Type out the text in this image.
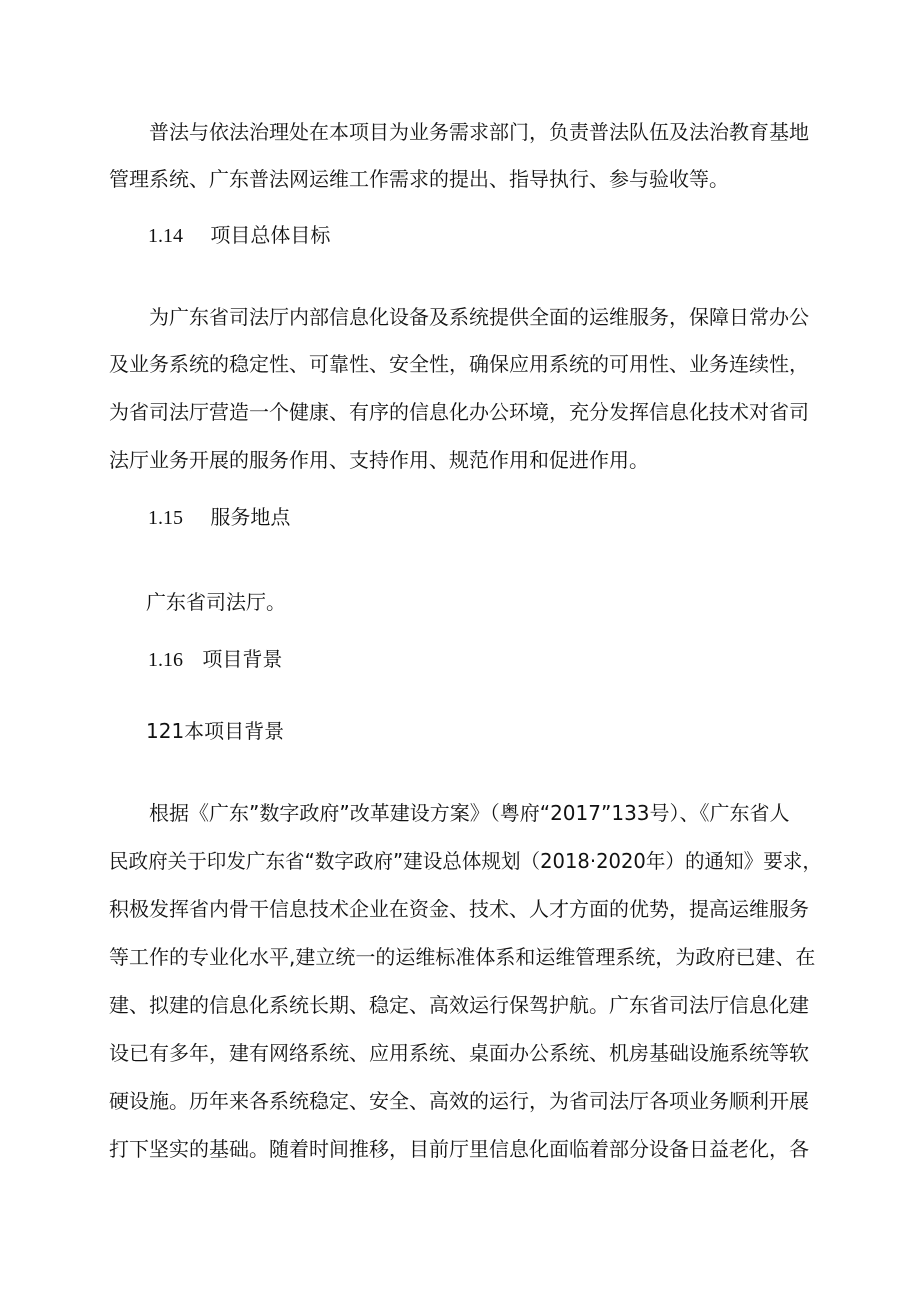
普法与依法治理处在本项目为业务需求部门，负责普法队伍及法治教育基地
管理系统、广东普法网运维工作需求的提出、指导执行、参与验收等。
1.14 项目总体目标
为广东省司法厅内部信息化设备及系统提供全面的运维服务，保障日常办公
及业务系统的稳定性、可靠性、安全性，确保应用系统的可用性、业务连续性，
为省司法厅营造一个健康、有序的信息化办公环境，充分发挥信息化技术对省司
法厅业务开展的服务作用、支持作用、规范作用和促进作用。
1.15 服务地点
广东省司法厅。
1.16 项目背景
121本项目背景
根据《广东”数字政府”改革建设方案》（粤府“2017”133号）、《广东省人
民政府关于印发广东省“数字政府”建设总体规划（2018·2020年）的通知》要求，
积极发挥省内骨干信息技术企业在资金、技术、人才方面的优势，提高运维服务
等工作的专业化水平,建立统一的运维标准体系和运维管理系统，为政府已建、在
建、拟建的信息化系统长期、稳定、高效运行保驾护航。广东省司法厅信息化建
设已有多年，建有网络系统、应用系统、桌面办公系统、机房基础设施系统等软
硬设施。历年来各系统稳定、安全、高效的运行，为省司法厅各项业务顺利开展
打下坚实的基础。随着时间推移，目前厅里信息化面临着部分设备日益老化，各
